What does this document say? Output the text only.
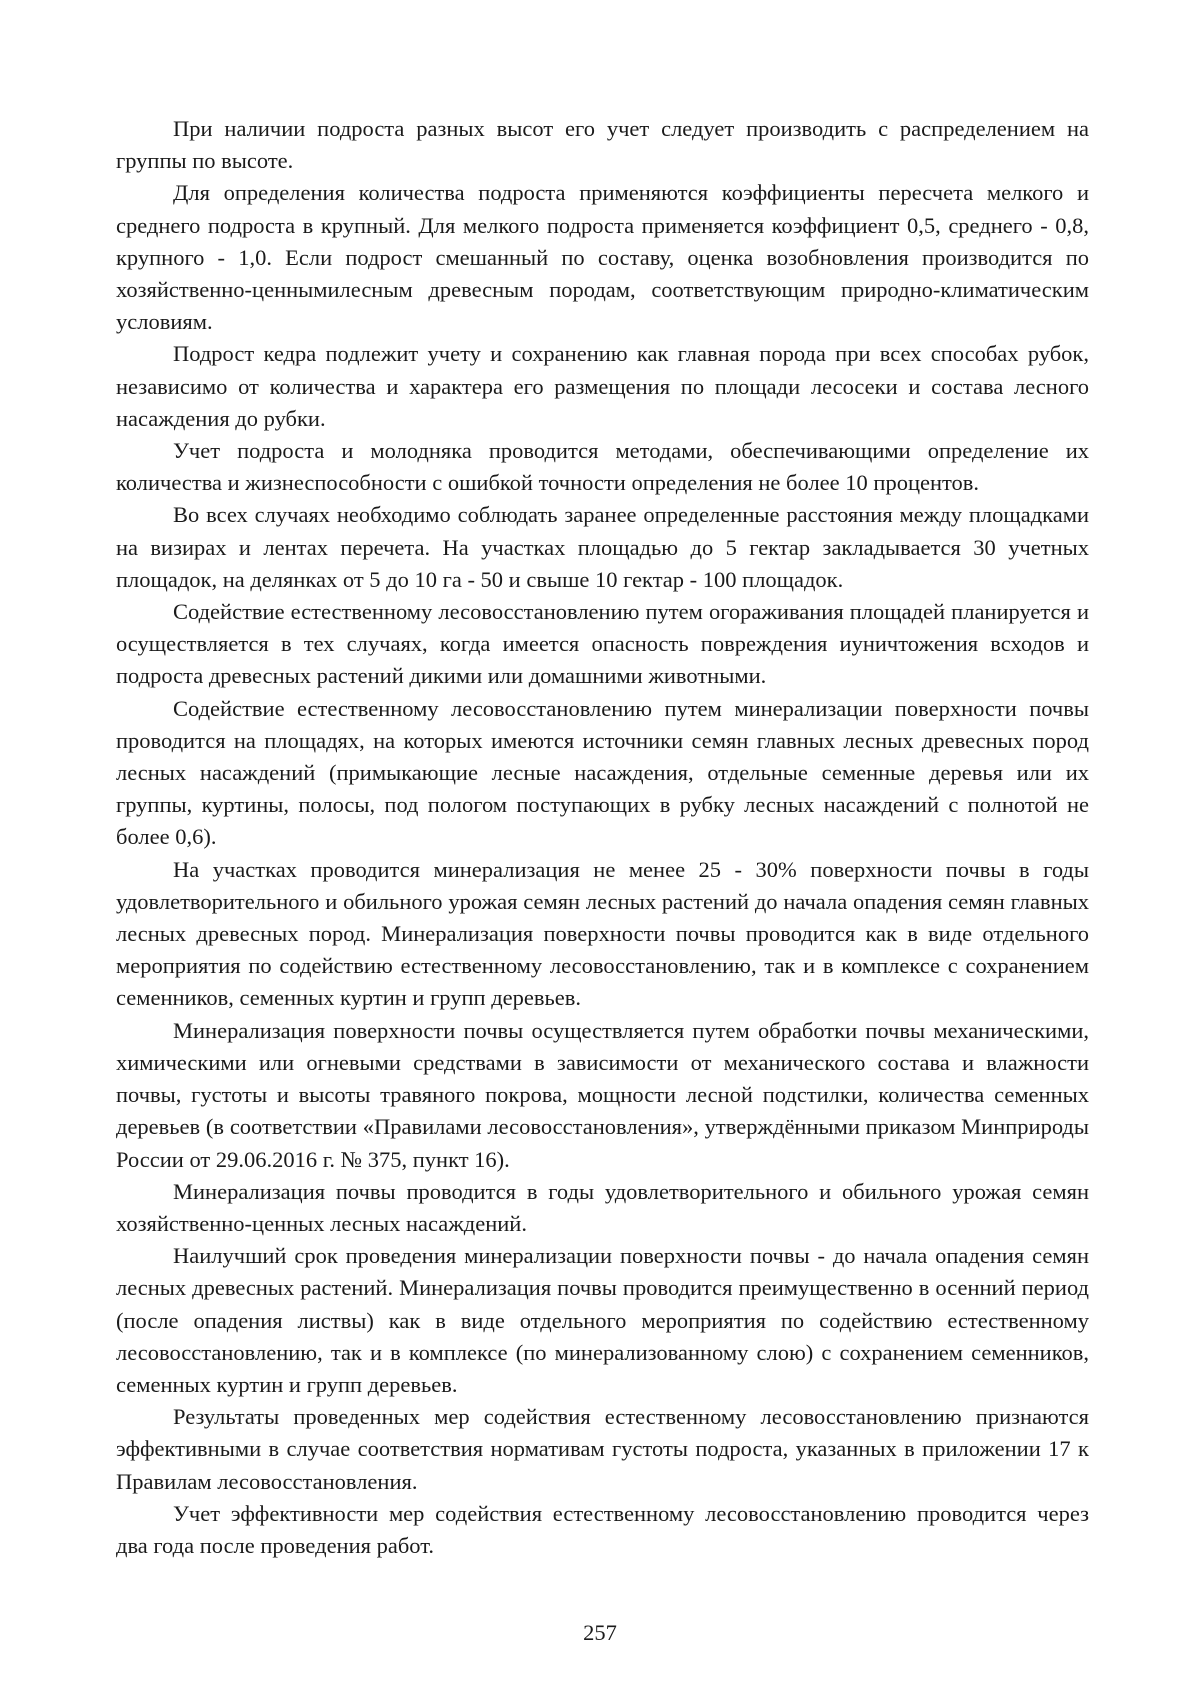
При наличии подроста разных высот его учет следует производить с распределением на группы по высоте.

Для определения количества подроста применяются коэффициенты пересчета мелкого и среднего подроста в крупный. Для мелкого подроста применяется коэффициент 0,5, среднего - 0,8, крупного - 1,0. Если подрост смешанный по составу, оценка возобновления производится по хозяйственно-ценнымилесным древесным породам, соответствующим природно-климатическим условиям.

Подрост кедра подлежит учету и сохранению как главная порода при всех способах рубок, независимо от количества и характера его размещения по площади лесосеки и состава лесного насаждения до рубки.

Учет подроста и молодняка проводится методами, обеспечивающими определение их количества и жизнеспособности с ошибкой точности определения не более 10 процентов.

Во всех случаях необходимо соблюдать заранее определенные расстояния между площадками на визирах и лентах перечета. На участках площадью до 5 гектар закладывается 30 учетных площадок, на делянках от 5 до 10 га - 50 и свыше 10 гектар - 100 площадок.

Содействие естественному лесовосстановлению путем огораживания площадей планируется и осуществляется в тех случаях, когда имеется опасность повреждения иуничтожения всходов и подроста древесных растений дикими или домашними животными.

Содействие естественному лесовосстановлению путем минерализации поверхности почвы проводится на площадях, на которых имеются источники семян главных лесных древесных пород лесных насаждений (примыкающие лесные насаждения, отдельные семенные деревья или их группы, куртины, полосы, под пологом поступающих в рубку лесных насаждений с полнотой не более 0,6).

На участках проводится минерализация не менее 25 - 30% поверхности почвы в годы удовлетворительного и обильного урожая семян лесных растений до начала опадения семян главных лесных древесных пород. Минерализация поверхности почвы проводится как в виде отдельного мероприятия по содействию естественному лесовосстановлению, так и в комплексе с сохранением семенников, семенных куртин и групп деревьев.

Минерализация поверхности почвы осуществляется путем обработки почвы механическими, химическими или огневыми средствами в зависимости от механического состава и влажности почвы, густоты и высоты травяного покрова, мощности лесной подстилки, количества семенных деревьев (в соответствии «Правилами лесовосстановления», утверждёнными приказом Минприроды России от 29.06.2016 г. № 375, пункт 16).

Минерализация почвы проводится в годы удовлетворительного и обильного урожая семян хозяйственно-ценных лесных насаждений.

Наилучший срок проведения минерализации поверхности почвы - до начала опадения семян лесных древесных растений. Минерализация почвы проводится преимущественно в осенний период (после опадения листвы) как в виде отдельного мероприятия по содействию естественному лесовосстановлению, так и в комплексе (по минерализованному слою) с сохранением семенников, семенных куртин и групп деревьев.

Результаты проведенных мер содействия естественному лесовосстановлению признаются эффективными в случае соответствия нормативам густоты подроста, указанных в приложении 17 к Правилам лесовосстановления.

Учет эффективности мер содействия естественному лесовосстановлению проводится через два года после проведения работ.

257
